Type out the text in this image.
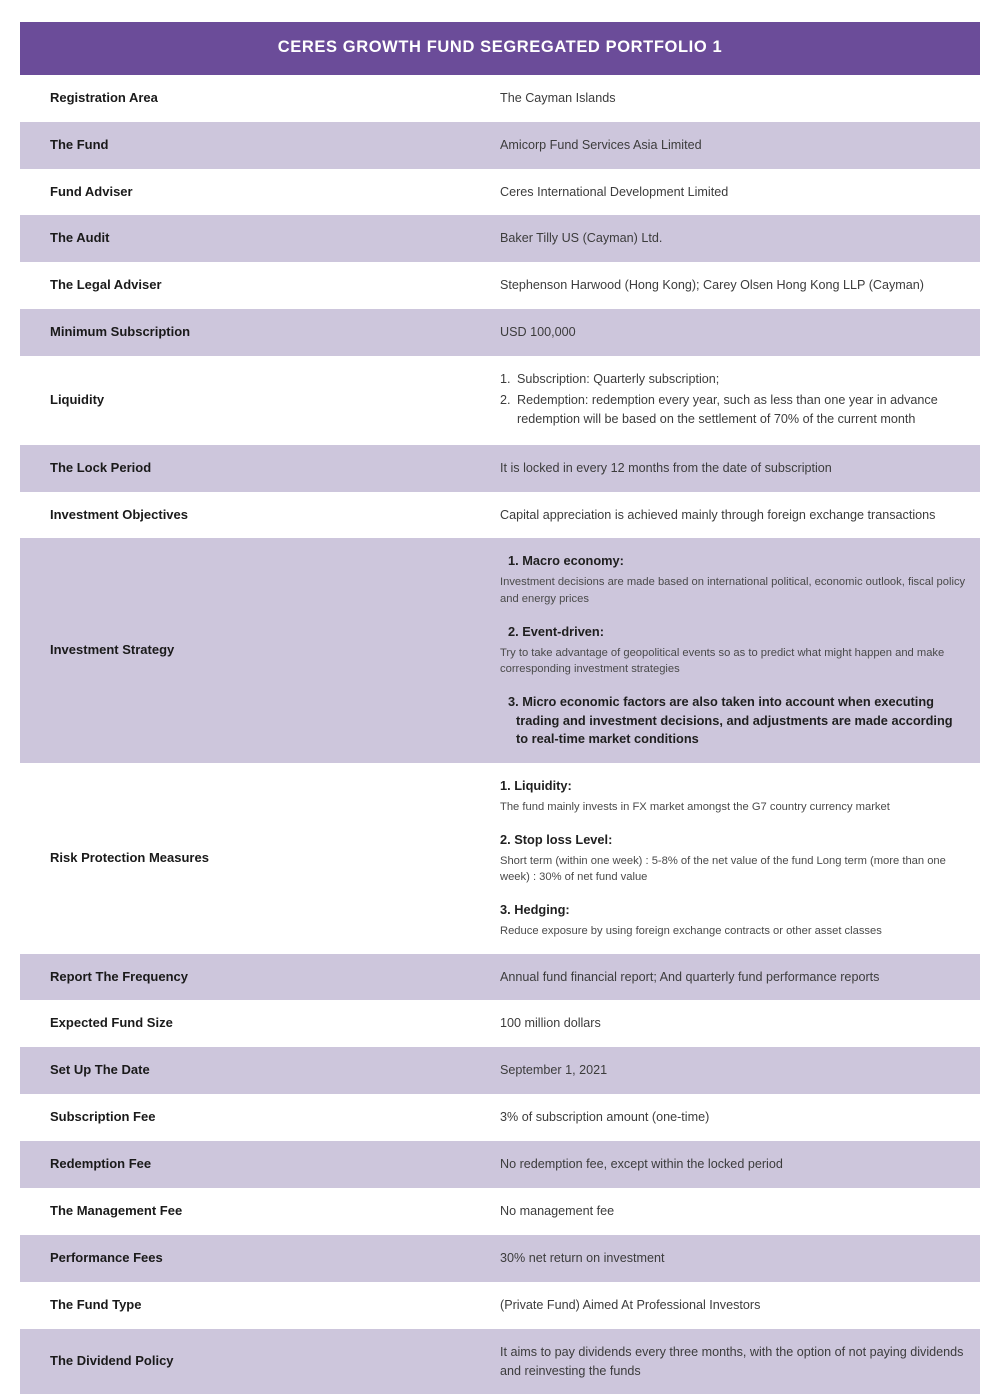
CERES GROWTH FUND SEGREGATED PORTFOLIO 1	
Registration Area	The Cayman Islands

The Fund	Amicorp Fund Services Asia Limited

Fund Adviser	Ceres International Development Limited

The Audit	Baker Tilly US (Cayman) Ltd.

The Legal Adviser	Stephenson Harwood (Hong Kong); Carey Olsen Hong Kong LLP (Cayman)

Minimum Subscription	USD 100,000

Liquidity	
1. Subscription: Quarterly subscription;
2. Redemption: redemption every year, such as less than one year in advance redemption will be based on the settlement of 70% of the current month

The Lock Period	It is locked in every 12 months from the date of subscription

Investment Objectives	Capital appreciation is achieved mainly through foreign exchange transactions

Investment Strategy	1. Macro economy:
Investment decisions are made based on international political, economic outlook, fiscal policy and energy prices
2. Event-driven:
Try to take advantage of geopolitical events so as to predict what might happen and make corresponding investment strategies
3. Micro economic factors are also taken into account when executing trading and investment decisions, and adjustments are made according to real-time market conditions

Risk Protection Measures	
1. Liquidity:
The fund mainly invests in FX market amongst the G7 country currency market
2. Stop loss Level:
Short term (within one week) : 5-8% of the net value of the fund Long term (more than one week) : 30% of net fund value
3. Hedging:
Reduce exposure by using foreign exchange contracts or other asset classes

Report The Frequency	Annual fund financial report; And quarterly fund performance reports

Expected Fund Size	100 million dollars

Set Up The Date	September 1, 2021

Subscription Fee	3% of subscription amount (one-time)

Redemption Fee	No redemption fee, except within the locked period

The Management Fee	No management fee

Performance Fees	30% net return on investment

The Fund Type	(Private Fund) Aimed At Professional Investors

The Dividend Policy	It aims to pay dividends every three months, with the option of not paying dividends and reinvesting the funds
